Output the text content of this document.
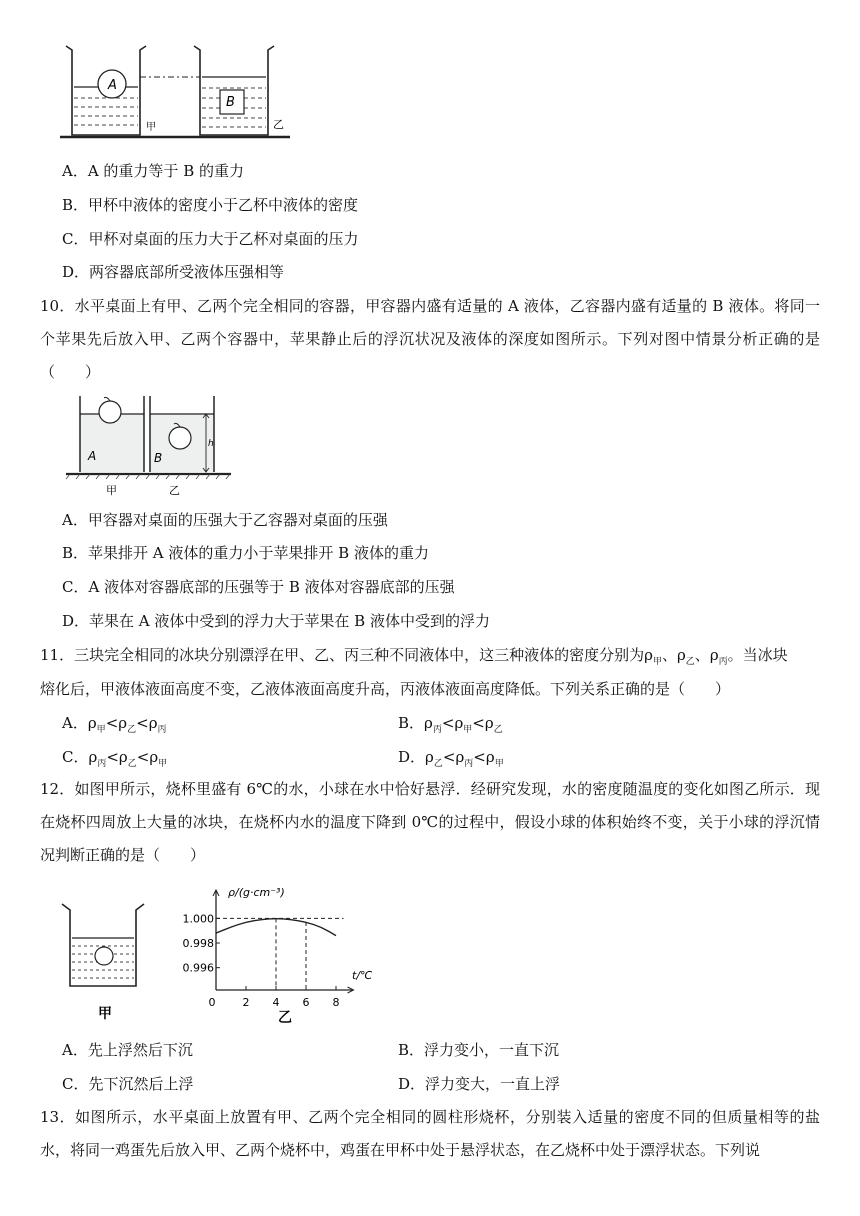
A
B
甲	乙
A．A 的重力等于 B 的重力
B．甲杯中液体的密度小于乙杯中液体的密度
C．甲杯对桌面的压力大于乙杯对桌面的压力
D．两容器底部所受液体压强相等
10．水平桌面上有甲、乙两个完全相同的容器，甲容器内盛有适量的 A 液体，乙容器内盛有适量的 B 液体。将同一个苹果先后放入甲、乙两个容器中，苹果静止后的浮沉状况及液体的深度如图所示。下列对图中情景分析正确的是（　　）
A	B
h
甲	乙
A．甲容器对桌面的压强大于乙容器对桌面的压强
B．苹果排开 A 液体的重力小于苹果排开 B 液体的重力
C．A 液体对容器底部的压强等于 B 液体对容器底部的压强
D．苹果在 A 液体中受到的浮力大于苹果在 B 液体中受到的浮力
11．三块完全相同的冰块分别漂浮在甲、乙、丙三种不同液体中，这三种液体的密度分别为$\rho_甲$、$\rho_乙$、$\rho_丙$。当冰块
熔化后，甲液体液面高度不变，乙液体液面高度升高，丙液体液面高度降低。下列关系正确的是（　　）
A．$\rho_甲<\rho_乙<\rho_丙$	B．$\rho_丙<\rho_甲<\rho_乙$
C．$\rho_丙<\rho_乙<\rho_甲$	D．$\rho_乙<\rho_丙<\rho_甲$
12．如图甲所示，烧杯里盛有 6℃的水，小球在水中恰好悬浮．经研究发现，水的密度随温度的变化如图乙所示．现在烧杯四周放上大量的冰块，在烧杯内水的温度下降到 0℃的过程中，假设小球的体积始终不变，关于小球的浮沉情况判断正确的是（　　）
甲
1.000
0.998
0.996
0 2 4 6 8
ρ/(g·cm⁻³)
t/℃
乙
A．先上浮然后下沉	B．浮力变小，一直下沉
C．先下沉然后上浮	D．浮力变大，一直上浮
13．如图所示，水平桌面上放置有甲、乙两个完全相同的圆柱形烧杯，分别装入适量的密度不同的但质量相等的盐水，将同一鸡蛋先后放入甲、乙两个烧杯中，鸡蛋在甲杯中处于悬浮状态，在乙烧杯中处于漂浮状态。下列说
